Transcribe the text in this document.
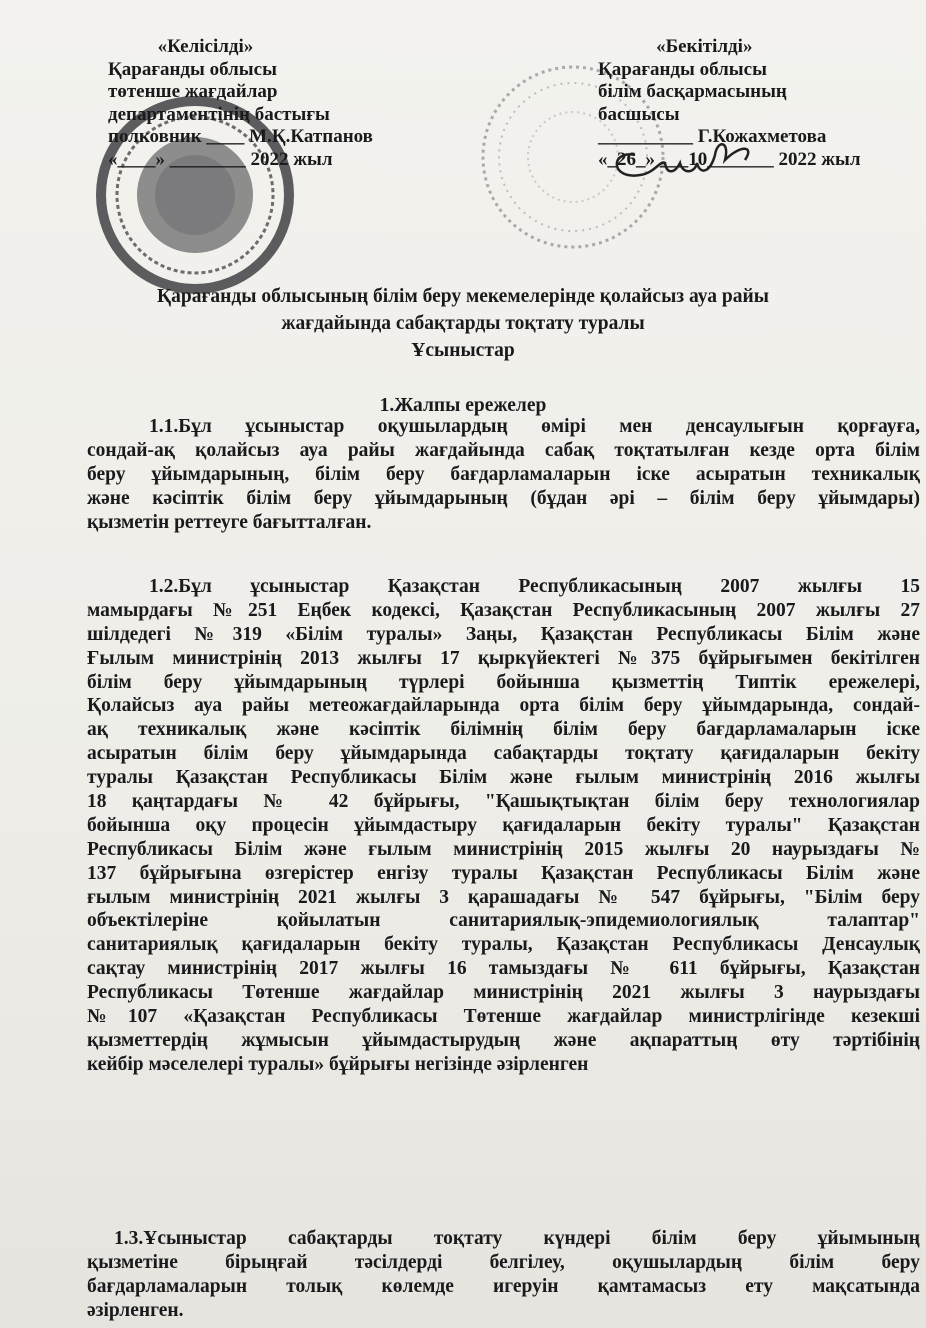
«Келісілді»
Қарағанды облысы
төтенше жағдайлар
департаментінің бастығы
полковник ____ М.Қ.Катпанов
«____» ________ 2022 жыл
«Бекітілді»
Қарағанды облысы
білім басқармасының
басшысы
__________ Г.Кожахметова
«_26_» ___10_______ 2022 жыл
Қарағанды облысының білім беру мекемелерінде қолайсыз ауа райы
жағдайында сабақтарды тоқтату туралы
Ұсыныстар
1.Жалпы ережелер
1.1.Бұл ұсыныстар оқушылардың өмірі мен денсаулығын қорғауға,
сондай-ақ қолайсыз ауа райы жағдайында сабақ тоқтатылған кезде орта білім
беру ұйымдарының, білім беру бағдарламаларын іске асыратын техникалық
және кәсіптік білім беру ұйымдарының (бұдан әрі – білім беру ұйымдары)
қызметін реттеуге бағытталған.
1.2.Бұл ұсыныстар Қазақстан Республикасының 2007 жылғы 15
мамырдағы №251 Еңбек кодексі, Қазақстан Республикасының 2007 жылғы 27
шілдедегі №319 «Білім туралы» Заңы, Қазақстан Республикасы Білім және
Ғылым министрінің 2013 жылғы 17 қыркүйектегі №375 бұйрығымен бекітілген
білім беру ұйымдарының түрлері бойынша қызметтің Типтік ережелері,
Қолайсыз ауа райы метеожағдайларында орта білім беру ұйымдарында, сондай-
ақ техникалық және кәсіптік білімнің білім беру бағдарламаларын іске
асыратын білім беру ұйымдарында сабақтарды тоқтату қағидаларын бекіту
туралы Қазақстан Республикасы Білім және ғылым министрінің 2016 жылғы
18 қаңтардағы № 42 бұйрығы, "Қашықтықтан білім беру технологиялар
бойынша оқу процесін ұйымдастыру қағидаларын бекіту туралы" Қазақстан
Республикасы Білім және ғылым министрінің 2015 жылғы 20 наурыздағы №
137 бұйрығына өзгерістер енгізу туралы Қазақстан Республикасы Білім және
ғылым министрінің 2021 жылғы 3 қарашадағы № 547 бұйрығы, "Білім беру
объектілеріне қойылатын санитариялық-эпидемиологиялық талаптар"
санитариялық қағидаларын бекіту туралы, Қазақстан Республикасы Денсаулық
сақтау министрінің 2017 жылғы 16 тамыздағы № 611 бұйрығы, Қазақстан
Республикасы Төтенше жағдайлар министрінің 2021 жылғы 3 наурыздағы
№107 «Қазақстан Республикасы Төтенше жағдайлар министрлігінде кезекші
қызметтердің жұмысын ұйымдастырудың және ақпараттың өту тәртібінің
кейбір мәселелері туралы» бұйрығы негізінде әзірленген
1.3.Ұсыныстар сабақтарды тоқтату күндері білім беру ұйымының
қызметіне бірыңғай тәсілдерді белгілеу, оқушылардың білім беру
бағдарламаларын толық көлемде игеруін қамтамасыз ету мақсатында
әзірленген.
